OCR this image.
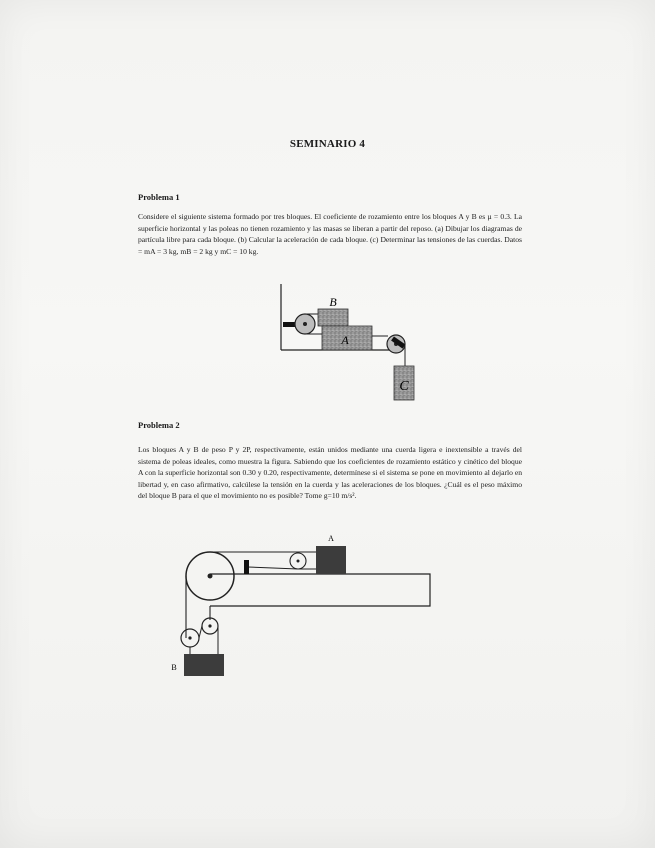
SEMINARIO 4
Problema 1
Considere el siguiente sistema formado por tres bloques. El coeficiente de rozamiento entre los bloques A y B es µ = 0.3. La superficie horizontal y las poleas no tienen rozamiento y las masas se liberan a partir del reposo. (a) Dibujar los diagramas de partícula libre para cada bloque. (b) Calcular la aceleración de cada bloque. (c) Determinar las tensiones de las cuerdas. Datos = mA = 3 kg, mB = 2 kg y mC = 10 kg.
B
A
C
Problema 2
Los bloques A y B de peso P y 2P, respectivamente, están unidos mediante una cuerda ligera e inextensible a través del sistema de poleas ideales, como muestra la figura. Sabiendo que los coeficientes de rozamiento estático y cinético del bloque A con la superficie horizontal son 0.30 y 0.20, respectivamente, determínese si el sistema se pone en movimiento al dejarlo en libertad y, en caso afirmativo, calcúlese la tensión en la cuerda y las aceleraciones de los bloques. ¿Cuál es el peso máximo del bloque B para el que el movimiento no es posible? Tome g=10 m/s².
A
B
